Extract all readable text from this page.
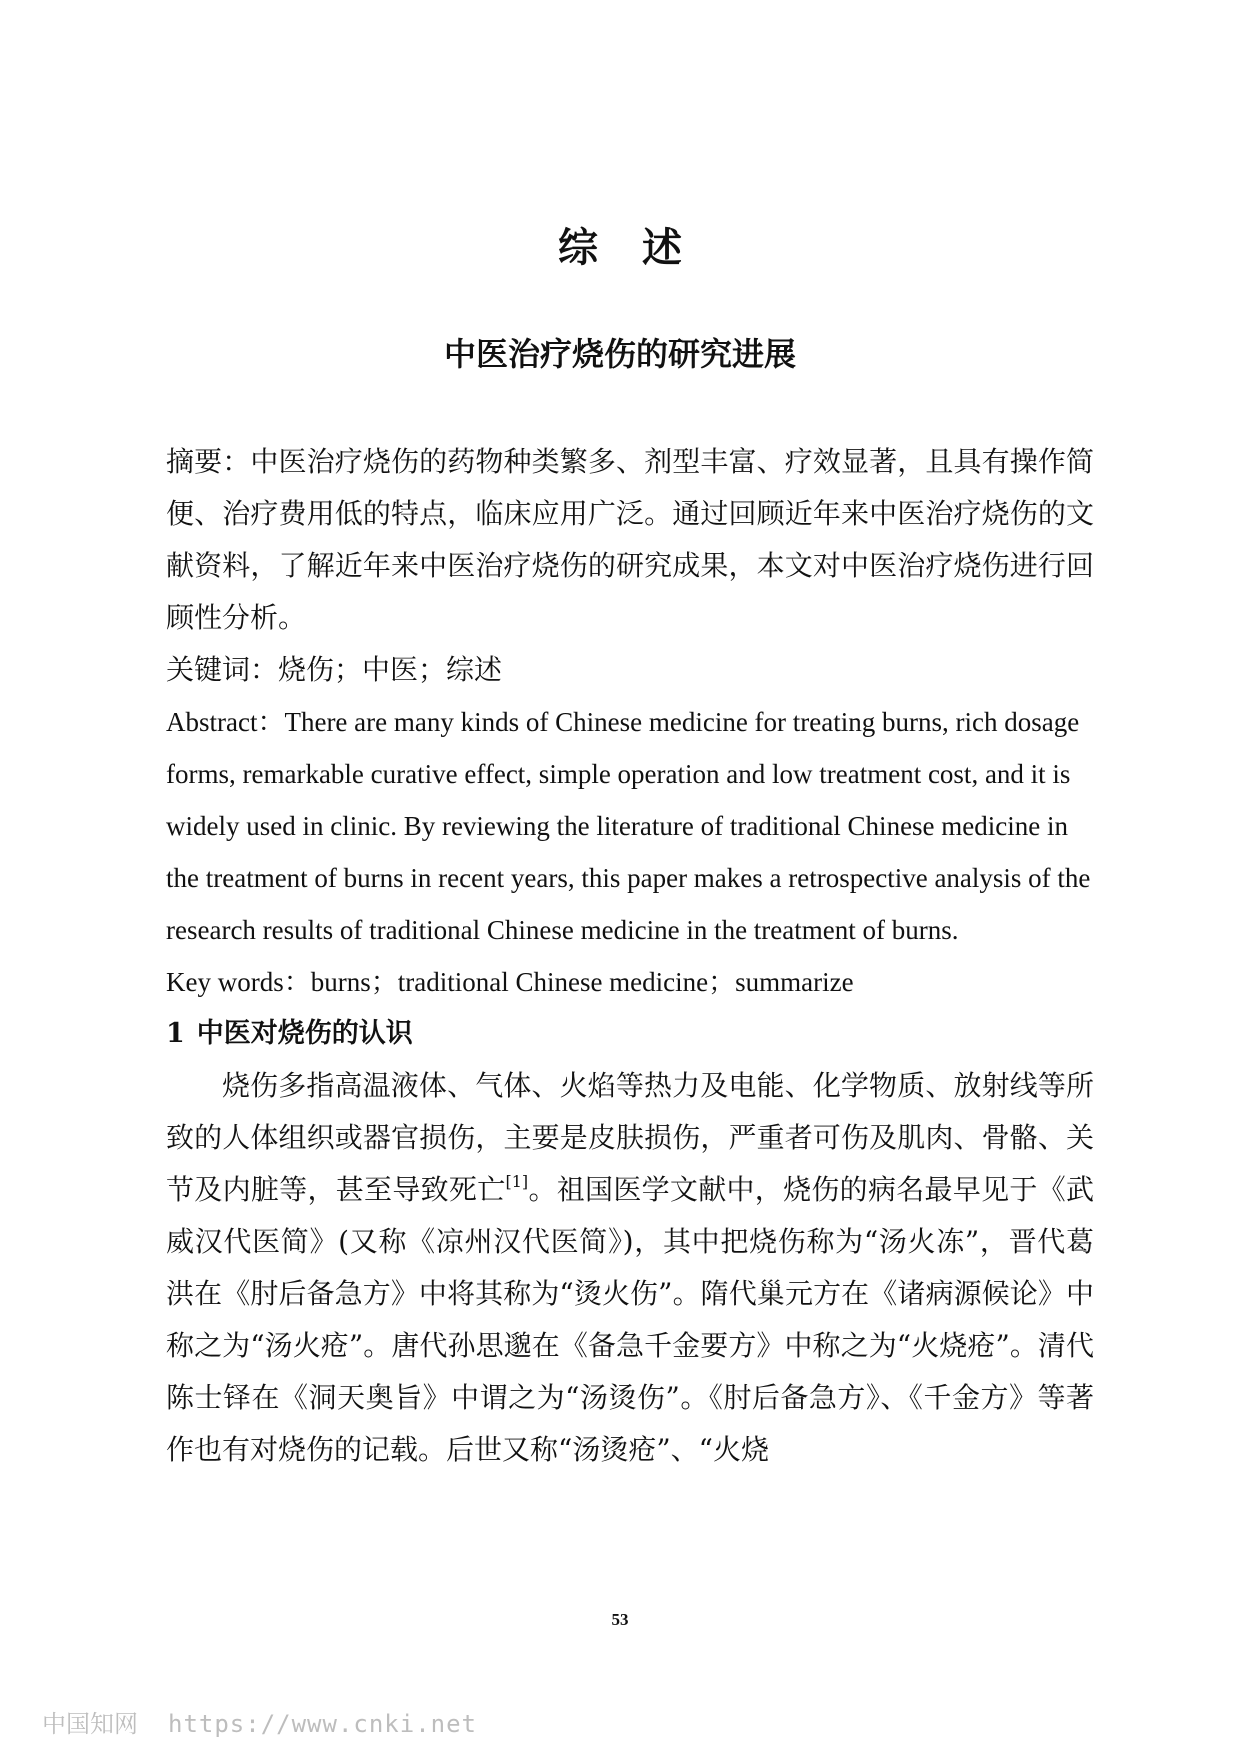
综 述
中医治疗烧伤的研究进展

摘要：中医治疗烧伤的药物种类繁多、剂型丰富、疗效显著，且具有操作简便、治疗费用低的特点，临床应用广泛。通过回顾近年来中医治疗烧伤的文献资料，了解近年来中医治疗烧伤的研究成果，本文对中医治疗烧伤进行回顾性分析。

关键词：烧伤；中医；综述

Abstract：There are many kinds of Chinese medicine for treating burns, rich dosage forms, remarkable curative effect, simple operation and low treatment cost, and it is widely used in clinic. By reviewing the literature of traditional Chinese medicine in the treatment of burns in recent years, this paper makes a retrospective analysis of the research results of traditional Chinese medicine in the treatment of burns.

Key words：burns；traditional Chinese medicine；summarize

1 中医对烧伤的认识

烧伤多指高温液体、气体、火焰等热力及电能、化学物质、放射线等所致的人体组织或器官损伤，主要是皮肤损伤，严重者可伤及肌肉、骨骼、关节及内脏等，甚至导致死亡[1]。祖国医学文献中，烧伤的病名最早见于《武威汉代医简》(又称《凉州汉代医简》)，其中把烧伤称为“汤火冻”，晋代葛洪在《肘后备急方》中将其称为“烫火伤”。隋代巢元方在《诸病源候论》中称之为“汤火疮”。唐代孙思邈在《备急千金要方》中称之为“火烧疮”。清代陈士铎在《洞天奥旨》中谓之为“汤烫伤”。《肘后备急方》、《千金方》等著作也有对烧伤的记载。后世又称“汤烫疮”、“火烧

53
中国知网 https://www.cnki.net
